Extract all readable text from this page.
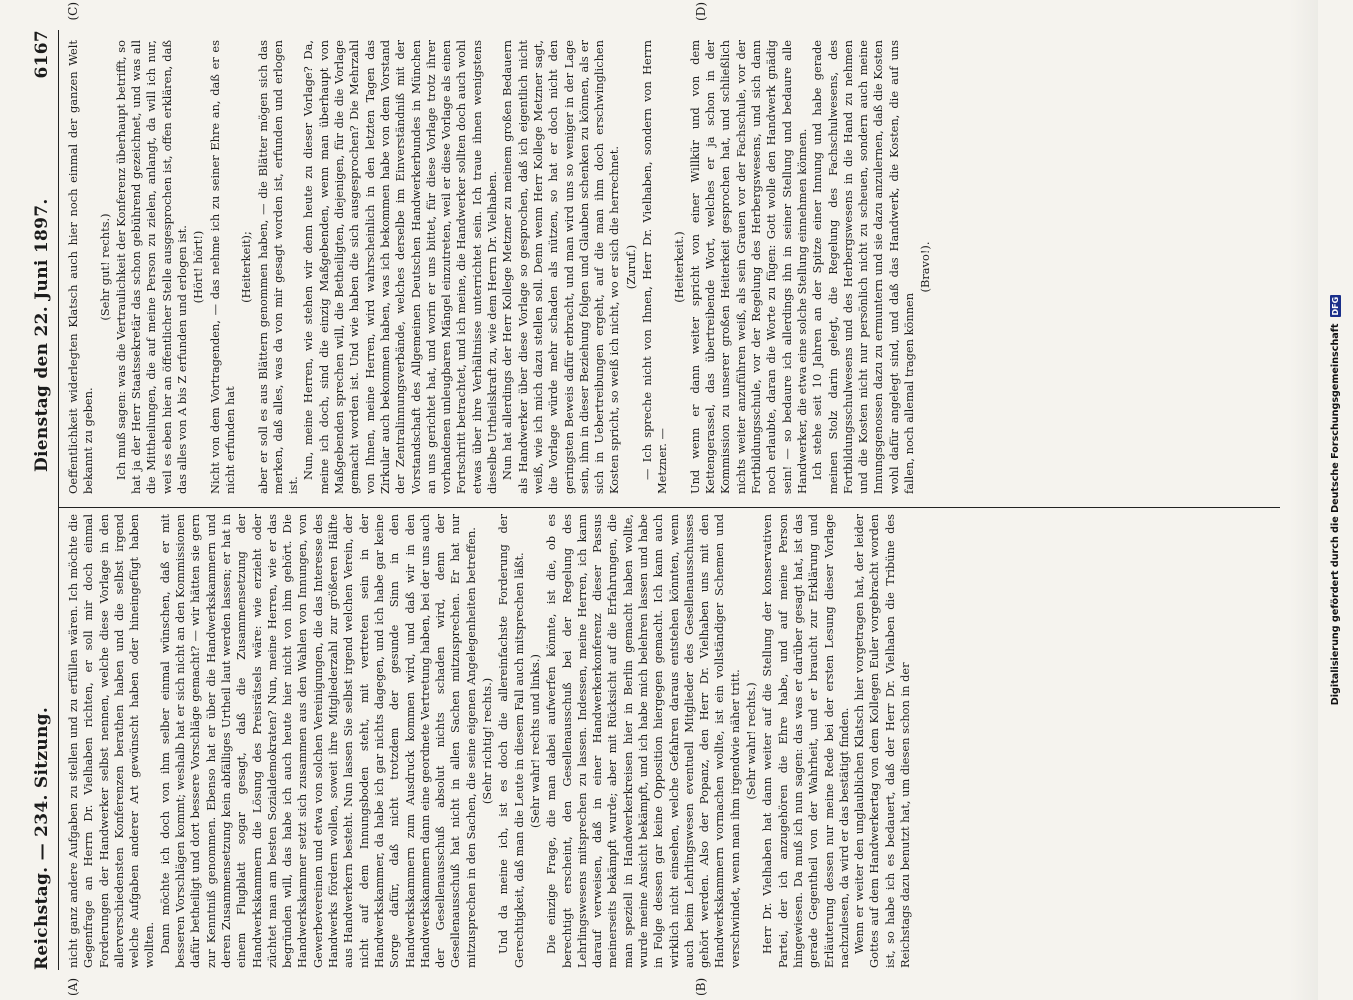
Reichstag. — 234. Sitzung.
Dienstag den 22. Juni 1897.
6167
(A)	(B)
(C)	(D)

nicht ganz andere Aufgaben zu stellen und zu erfüllen wären. Ich möchte die Gegenfrage an Herrn Dr. Vielhaben richten, er soll mir doch einmal Forderungen der Handwerker selbst nennen, welche diese Vorlage in den allerverschiedensten Konferenzen berathen haben und die selbst irgend welche Aufgaben anderer Art gewünscht haben oder hineingefügt haben wollten. Dann möchte ich doch von ihm selber einmal wünschen, daß er mit besseren Vorschlägen kommt; weshalb hat er sich nicht an den Kommissionen dafür betheiligt und dort bessere Vorschläge gemacht? — wir hätten sie gern zur Kenntniß genommen. Ebenso hat er über die Handwerkskammern und deren Zusammensetzung kein abfälliges Urtheil laut werden lassen; er hat in einem Flugblatt sogar gesagt, daß die Zusammensetzung der Handwerkskammern die Lösung des Preisrätsels wäre: wie erzieht oder züchtet man am besten Sozialdemokraten? Nun, meine Herren, wie er das begründen will, das habe ich auch heute hier nicht von ihm gehört. Die Handwerkskammer setzt sich zusammen aus den Wahlen von Innungen, von Gewerbevereinen und etwa von solchen Vereinigungen, die das Interesse des Handwerks fördern wollen, soweit ihre Mitgliederzahl zur größeren Hälfte aus Handwerkern besteht. Nun lassen Sie selbst irgend welchen Verein, der nicht auf dem Innungsboden steht, mit vertreten sein in der Handwerkskammer, da habe ich gar nichts dagegen, und ich habe gar keine Sorge dafür, daß nicht trotzdem der gesunde Sinn in den Handwerkskammern zum Ausdruck kommen wird, und daß wir in den Handwerkskammern dann eine geordnete Vertretung haben, bei der uns auch der Gesellenausschuß absolut nichts schaden wird, denn der Gesellenausschuß hat nicht in allen Sachen mitzusprechen. Er hat nur mitzusprechen in den Sachen, die seine eigenen Angelegenheiten betreffen. (Sehr richtig! rechts.) Und da meine ich, ist es doch die allereinfachste Forderung der Gerechtigkeit, daß man die Leute in diesem Fall auch mitsprechen läßt. (Sehr wahr! rechts und links.) Die einzige Frage, die man dabei aufwerfen könnte, ist die, ob es berechtigt erscheint, den Gesellenausschuß bei der Regelung des Lehrlingswesens mitsprechen zu lassen. Indessen, meine Herren, ich kann darauf verweisen, daß in einer Handwerkerkonferenz dieser Passus meinerseits bekämpft wurde; aber mit Rücksicht auf die Erfahrungen, die man speziell in Handwerkerkreisen hier in Berlin gemacht haben wollte, wurde meine Ansicht bekämpft, und ich habe mich belehren lassen und habe in Folge dessen gar keine Opposition hiergegen gemacht. Ich kann auch wirklich nicht einsehen, welche Gefahren daraus entstehen könnten, wenn auch beim Lehrlingswesen eventuell Mitglieder des Gesellenausschusses gehört werden. Also der Popanz, den Herr Dr. Vielhaben uns mit den Handwerkskammern vormachen wollte, ist ein vollständiger Schemen und verschwindet, wenn man ihm irgendwie näher tritt. (Sehr wahr! rechts.) Herr Dr. Vielhaben hat dann weiter auf die Stellung der konservativen Partei, der ich anzugehören die Ehre habe, und auf meine Person hingewiesen. Da muß ich nun sagen: das was er darüber gesagt hat, ist das gerade Gegentheil von der Wahrheit, und er braucht zur Erklärung und Erläuterung dessen nur meine Rede bei der ersten Lesung dieser Vorlage nachzulesen, da wird er das bestätigt finden. Wenn er weiter den unglaublichen Klatsch hier vorgetragen hat, der leider Gottes auf dem Handwerkertag von dem Kollegen Euler vorgebracht worden ist, so habe ich es bedauert, daß der Herr Dr. Vielhaben die Tribüne des Reichstags dazu benutzt hat, um diesen schon in der

Oeffentlichkeit widerlegten Klatsch auch hier noch einmal der ganzen Welt bekannt zu geben.

(Sehr gut! rechts.) Ich muß sagen: was die Vertraulichkeit der Konferenz überhaupt betrifft, so hat ja der Herr Staatssekretär das schon gebührend gezeichnet, und was all die Mittheilungen, die auf meine Person zu zielen, anlangt, da will ich nur, weil es eben hier an öffentlicher Stelle ausgesprochen ist, offen erklären, daß das alles von A bis Z erfunden und erlogen ist. (Hört! hört!) Nicht von dem Vortragenden, — das nehme ich zu seiner Ehre an, daß er es nicht erfunden hat

(Heiterkeit); aber er soll es aus Blättern genommen haben, — die Blätter mögen sich das merken, daß alles, was da von mir gesagt worden ist, erfunden und erlogen ist.

Nun, meine Herren, wie stehen wir denn heute zu dieser Vorlage? Da, meine ich doch, sind die einzig Maßgebenden, wenn man überhaupt von Maßgebenden sprechen will, die Betheiligten, diejenigen, für die die Vorlage gemacht worden ist. Und wie haben die sich ausgesprochen? Die Mehrzahl von Ihnen, meine Herren, wird wahrscheinlich in den letzten Tagen das Zirkular auch bekommen haben, was ich bekommen habe von dem Vorstand der Zentralinnungsverbände, welches derselbe im Einverständniß mit der Vorstandschaft des Allgemeinen Deutschen Handwerkerbundes in München an uns gerichtet hat, und worin er uns bittet, für diese Vorlage trotz ihrer vorhandenen unleugbaren Mängel einzutreten, weil er diese Vorlage als einen Fortschritt betrachtet, und ich meine, die Handwerker sollten doch auch wohl etwas über ihre Verhältnisse unterrichtet sein. Ich traue ihnen wenigstens dieselbe Urtheilskraft zu, wie dem Herrn Dr. Vielhaben. Nun hat allerdings der Herr Kollege Metzner zu meinem großen Bedauern als Handwerker über diese Vorlage so gesprochen, daß ich eigentlich nicht weiß, wie ich mich dazu stellen soll. Denn wenn Herr Kollege Metzner sagt, die Vorlage würde mehr schaden als nützen, so hat er doch nicht den geringsten Beweis dafür erbracht, und man wird uns so weniger in der Lage sein, ihm in dieser Beziehung folgen und Glauben schenken zu können, als er sich in Uebertreibungen ergeht, auf die man ihm doch erschwinglichen Kosten spricht, so weiß ich nicht, wo er sich die herrechnet. (Zuruf.) — Ich spreche nicht von Ihnen, Herr Dr. Vielhaben, sondern von Herrn Metzner. —

(Heiterkeit.) Und wenn er dann weiter spricht von einer Willkür und von dem Kettengerassel, das übertreibende Wort, welches er ja schon in der Kommission zu unserer großen Heiterkeit gesprochen hat, und schließlich nichts weiter anzuführen weiß, als sein Grauen vor der Fachschule, vor der Fortbildungsschule, vor der Regelung des Herbergswesens, und sich dann noch erlaubte, daran die Worte zu fügen: Gott wolle den Handwerk gnädig sein! — so bedaure ich allerdings ihn in seiner Stellung und bedaure alle Handwerker, die etwa eine solche Stellung einnehmen können. Ich stehe seit 10 Jahren an der Spitze einer Innung und habe gerade meinen Stolz darin gelegt, die Regelung des Fachschulwesens, des Fortbildungsschulwesens und des Herbergswesens in die Hand zu nehmen und die Kosten nicht nur persönlich nicht zu scheuen, sondern auch meine Innungsgenossen dazu zu ermuntern und sie dazu anzulernen, daß die Kosten wohl dafür angelegt sind, und daß das Handwerk, die Kosten, die auf uns fallen, noch allemal tragen können

(Bravo!).

Digitalisierung gefördert durch die Deutsche Forschungsgemeinschaft
DFG
